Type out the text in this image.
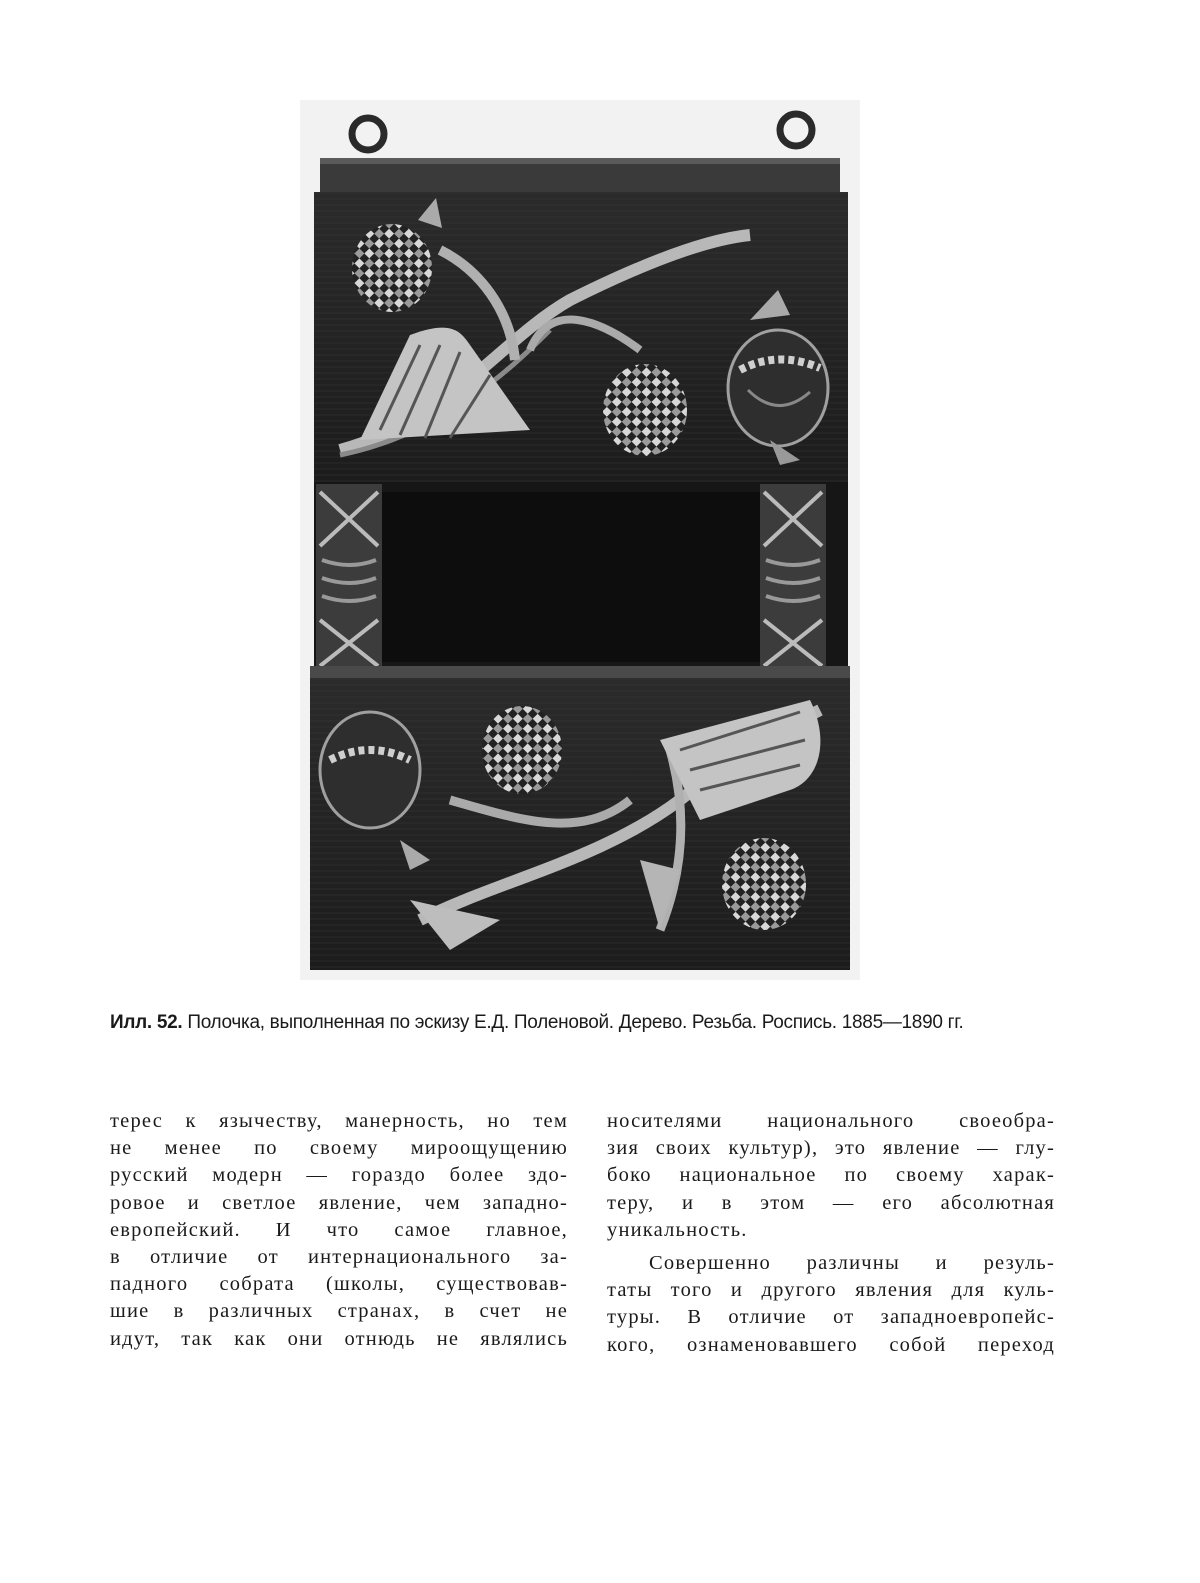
Илл. 52. Полочка, выполненная по эскизу Е.Д. Поленовой. Дерево. Резьба. Роспись. 1885—1890 гг.

терес к язычеству, манерность, но тем

не менее по своему мироощущению

русский модерн — гораздо более здо-

ровое и светлое явление, чем западно-

европейский. И что самое главное,

в отличие от интернационального за-

падного собрата (школы, существовав-

шие в различных странах, в счет не

идут, так как они отнюдь не являлись

носителями национального своеобра-

зия своих культур), это явление — глу-

боко национальное по своему харак-

теру, и в этом — его абсолютная

уникальность.

Совершенно различны и резуль-

таты того и другого явления для куль-

туры. В отличие от западноевропейс-

кого, ознаменовавшего собой переход
